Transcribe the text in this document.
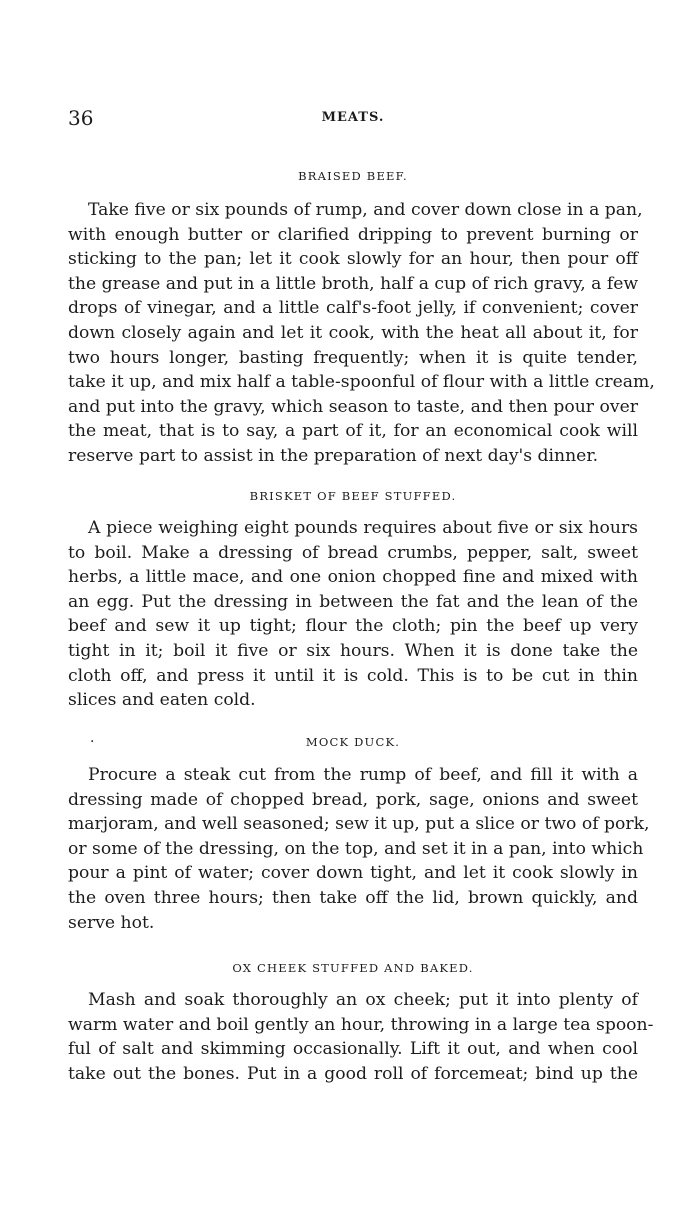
36	MEATS.
BRAISED BEEF.
Take five or six pounds of rump, and cover down close in a pan,
with enough butter or clarified dripping to prevent burning or
sticking to the pan; let it cook slowly for an hour, then pour off
the grease and put in a little broth, half a cup of rich gravy, a few
drops of vinegar, and a little calf's-foot jelly, if convenient; cover
down closely again and let it cook, with the heat all about it, for
two hours longer, basting frequently; when it is quite tender,
take it up, and mix half a table-spoonful of flour with a little cream,
and put into the gravy, which season to taste, and then pour over
the meat, that is to say, a part of it, for an economical cook will
reserve part to assist in the preparation of next day's dinner.
BRISKET OF BEEF STUFFED.
A piece weighing eight pounds requires about five or six hours
to boil. Make a dressing of bread crumbs, pepper, salt, sweet
herbs, a little mace, and one onion chopped fine and mixed with
an egg. Put the dressing in between the fat and the lean of the
beef and sew it up tight; flour the cloth; pin the beef up very
tight in it; boil it five or six hours. When it is done take the
cloth off, and press it until it is cold. This is to be cut in thin
slices and eaten cold.
·	MOCK DUCK.
Procure a steak cut from the rump of beef, and fill it with a
dressing made of chopped bread, pork, sage, onions and sweet
marjoram, and well seasoned; sew it up, put a slice or two of pork,
or some of the dressing, on the top, and set it in a pan, into which
pour a pint of water; cover down tight, and let it cook slowly in
the oven three hours; then take off the lid, brown quickly, and
serve hot.
OX CHEEK STUFFED AND BAKED.
Mash and soak thoroughly an ox cheek; put it into plenty of
warm water and boil gently an hour, throwing in a large tea spoon-
ful of salt and skimming occasionally. Lift it out, and when cool
take out the bones. Put in a good roll of forcemeat; bind up the
